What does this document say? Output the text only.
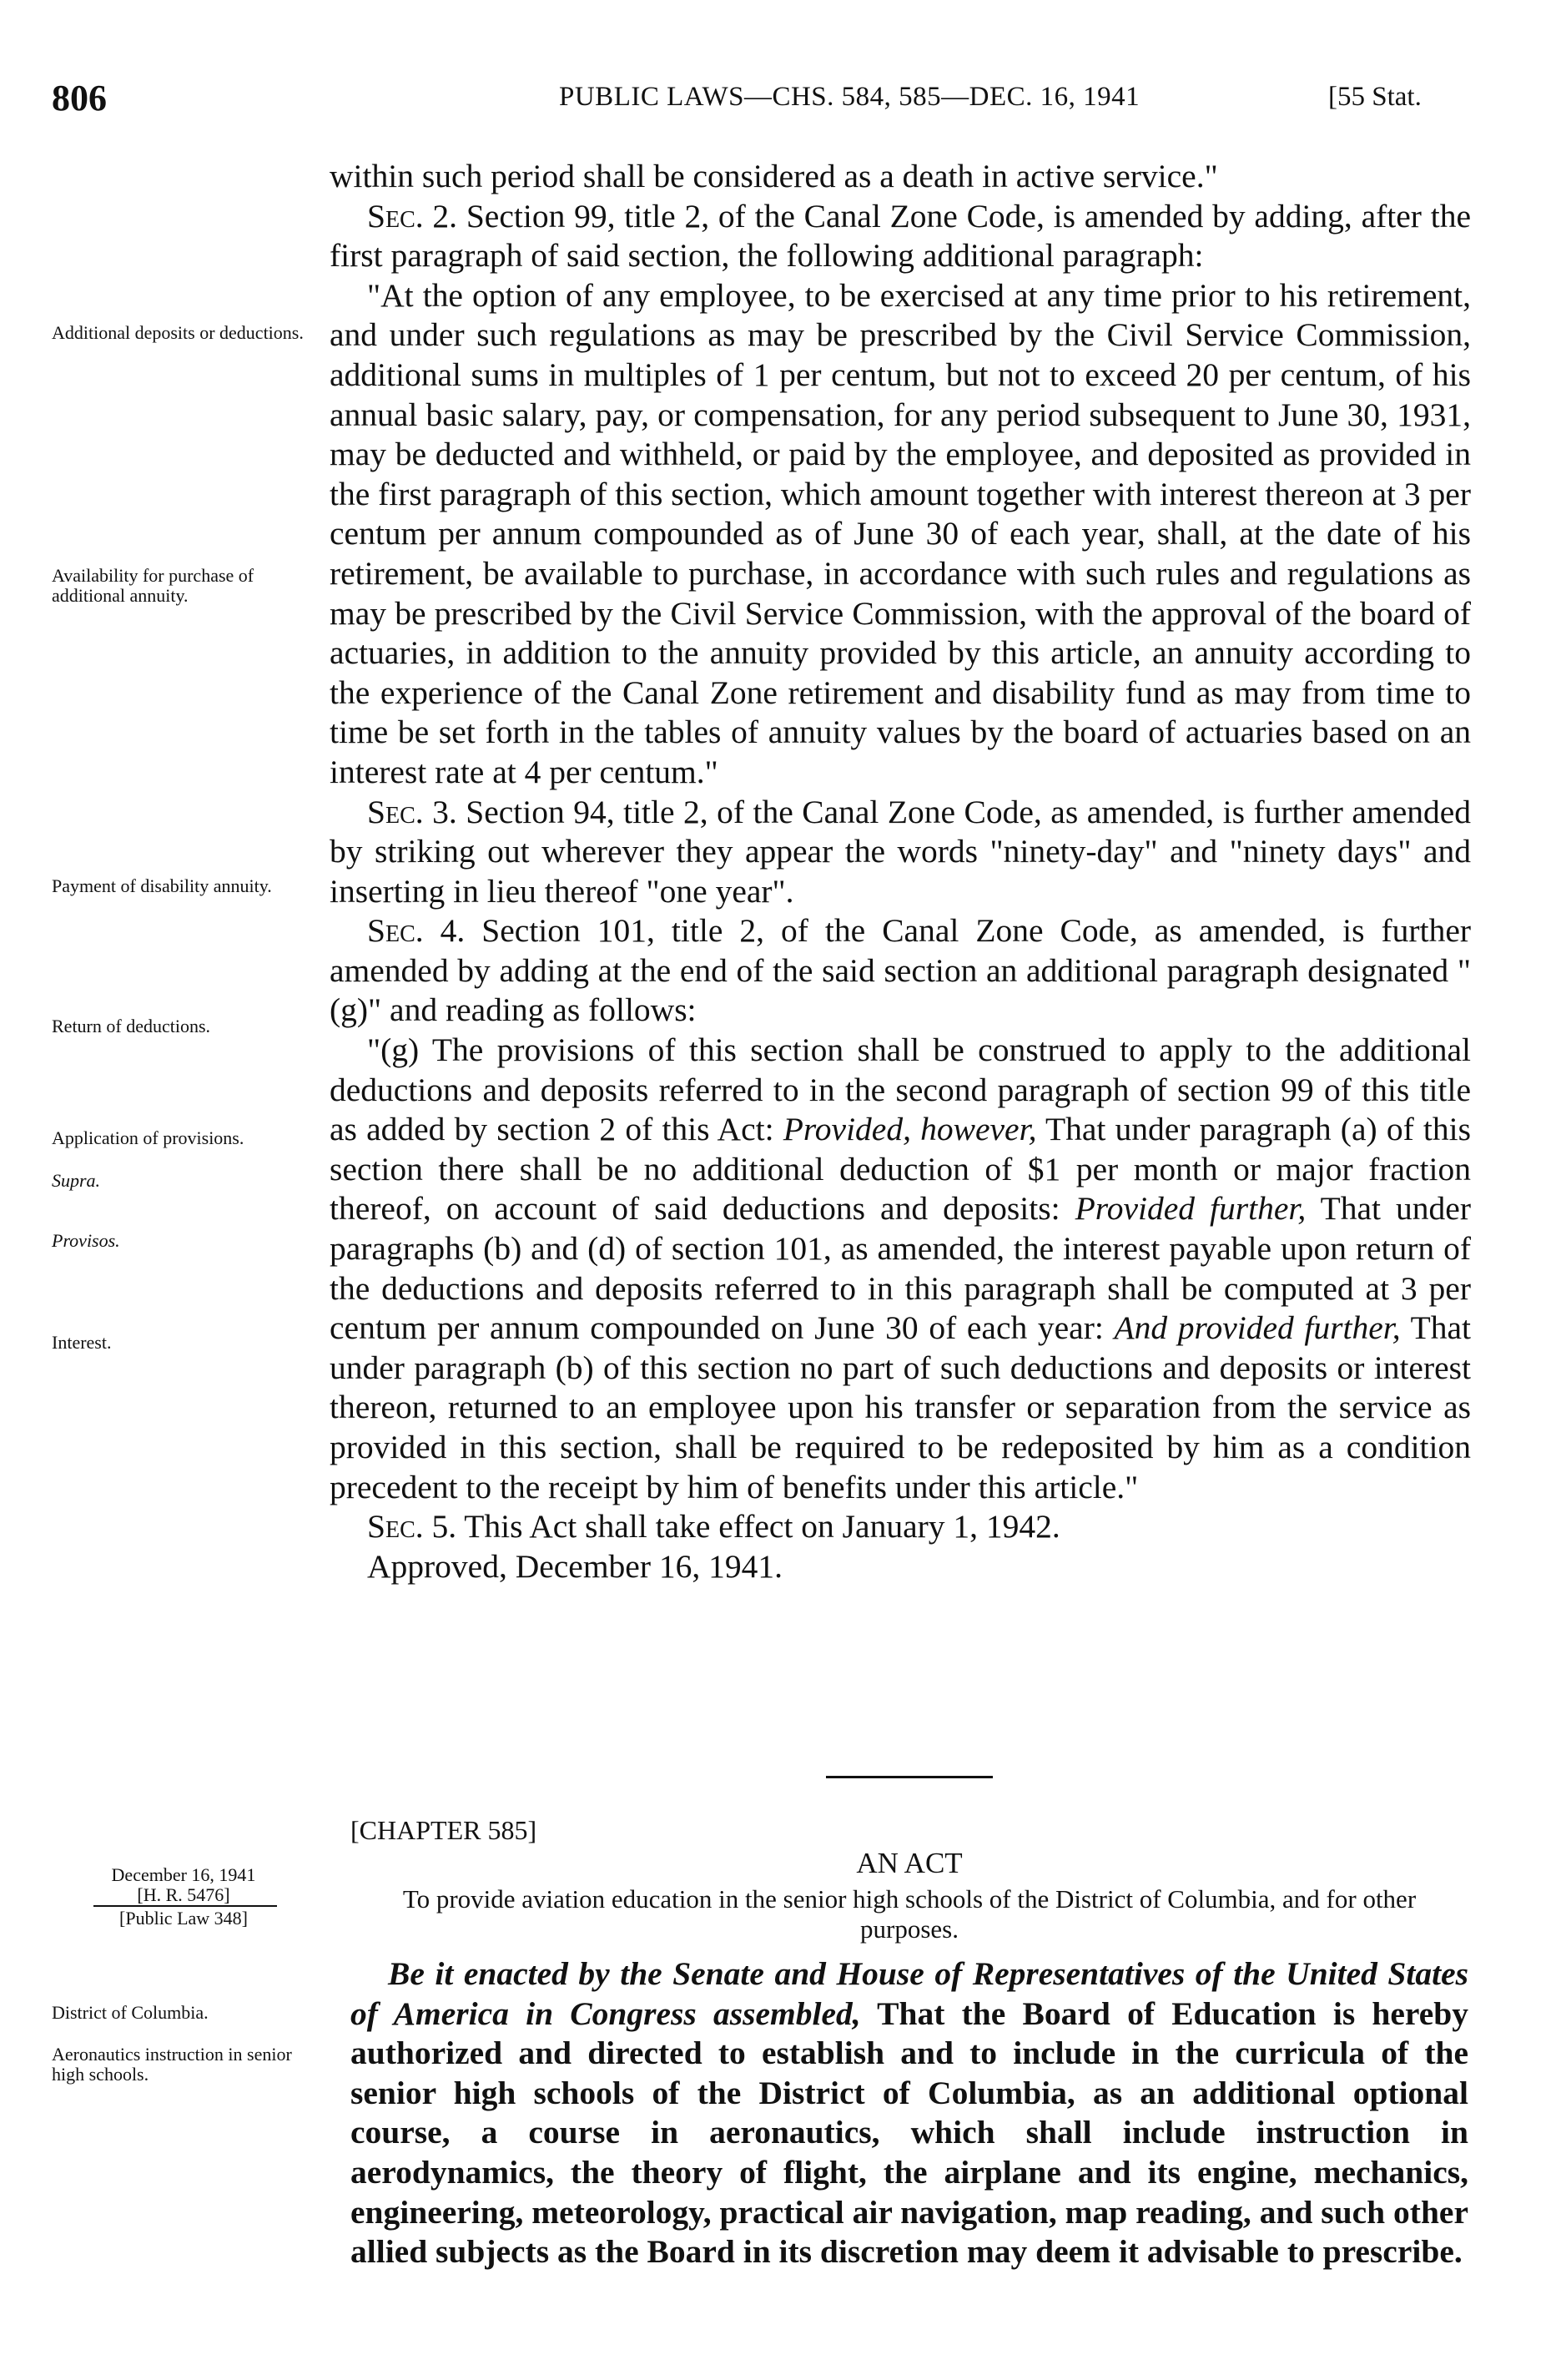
806	PUBLIC LAWS—CHS. 584, 585—DEC. 16, 1941	[55 Stat.
Additional deposits or deductions.
Availability for purchase of additional annuity.
Payment of disability annuity.
Return of deductions.
Application of provisions.
Supra.
Provisos.
Interest.
December 16, 1941
[H. R. 5476]
[Public Law 348]
District of Columbia.
Aeronautics instruction in senior high schools.

within such period shall be considered as a death in active service."

Sec. 2. Section 99, title 2, of the Canal Zone Code, is amended by adding, after the first paragraph of said section, the following additional paragraph:

"At the option of any employee, to be exercised at any time prior to his retirement, and under such regulations as may be prescribed by the Civil Service Commission, additional sums in multiples of 1 per centum, but not to exceed 20 per centum, of his annual basic salary, pay, or compensation, for any period subsequent to June 30, 1931, may be deducted and withheld, or paid by the employee, and deposited as provided in the first paragraph of this section, which amount together with interest thereon at 3 per centum per annum compounded as of June 30 of each year, shall, at the date of his retirement, be available to purchase, in accordance with such rules and regulations as may be prescribed by the Civil Service Commission, with the approval of the board of actuaries, in addition to the annuity provided by this article, an annuity according to the experience of the Canal Zone retirement and disability fund as may from time to time be set forth in the tables of annuity values by the board of actuaries based on an interest rate at 4 per centum."

Sec. 3. Section 94, title 2, of the Canal Zone Code, as amended, is further amended by striking out wherever they appear the words "ninety-day" and "ninety days" and inserting in lieu thereof "one year".

Sec. 4. Section 101, title 2, of the Canal Zone Code, as amended, is further amended by adding at the end of the said section an additional paragraph designated "(g)" and reading as follows:

"(g) The provisions of this section shall be construed to apply to the additional deductions and deposits referred to in the second paragraph of section 99 of this title as added by section 2 of this Act: Provided, however, That under paragraph (a) of this section there shall be no additional deduction of $1 per month or major fraction thereof, on account of said deductions and deposits: Provided further, That under paragraphs (b) and (d) of section 101, as amended, the interest payable upon return of the deductions and deposits referred to in this paragraph shall be computed at 3 per centum per annum compounded on June 30 of each year: And provided further, That under paragraph (b) of this section no part of such deductions and deposits or interest thereon, returned to an employee upon his transfer or separation from the service as provided in this section, shall be required to be redeposited by him as a condition precedent to the receipt by him of benefits under this article."

Sec. 5. This Act shall take effect on January 1, 1942.

Approved, December 16, 1941.

[CHAPTER 585]
AN ACT
To provide aviation education in the senior high schools of the District of Columbia, and for other purposes.

Be it enacted by the Senate and House of Representatives of the United States of America in Congress assembled, That the Board of Education is hereby authorized and directed to establish and to include in the curricula of the senior high schools of the District of Columbia, as an additional optional course, a course in aeronautics, which shall include instruction in aerodynamics, the theory of flight, the airplane and its engine, mechanics, engineering, meteorology, practical air navigation, map reading, and such other allied subjects as the Board in its discretion may deem it advisable to prescribe.
